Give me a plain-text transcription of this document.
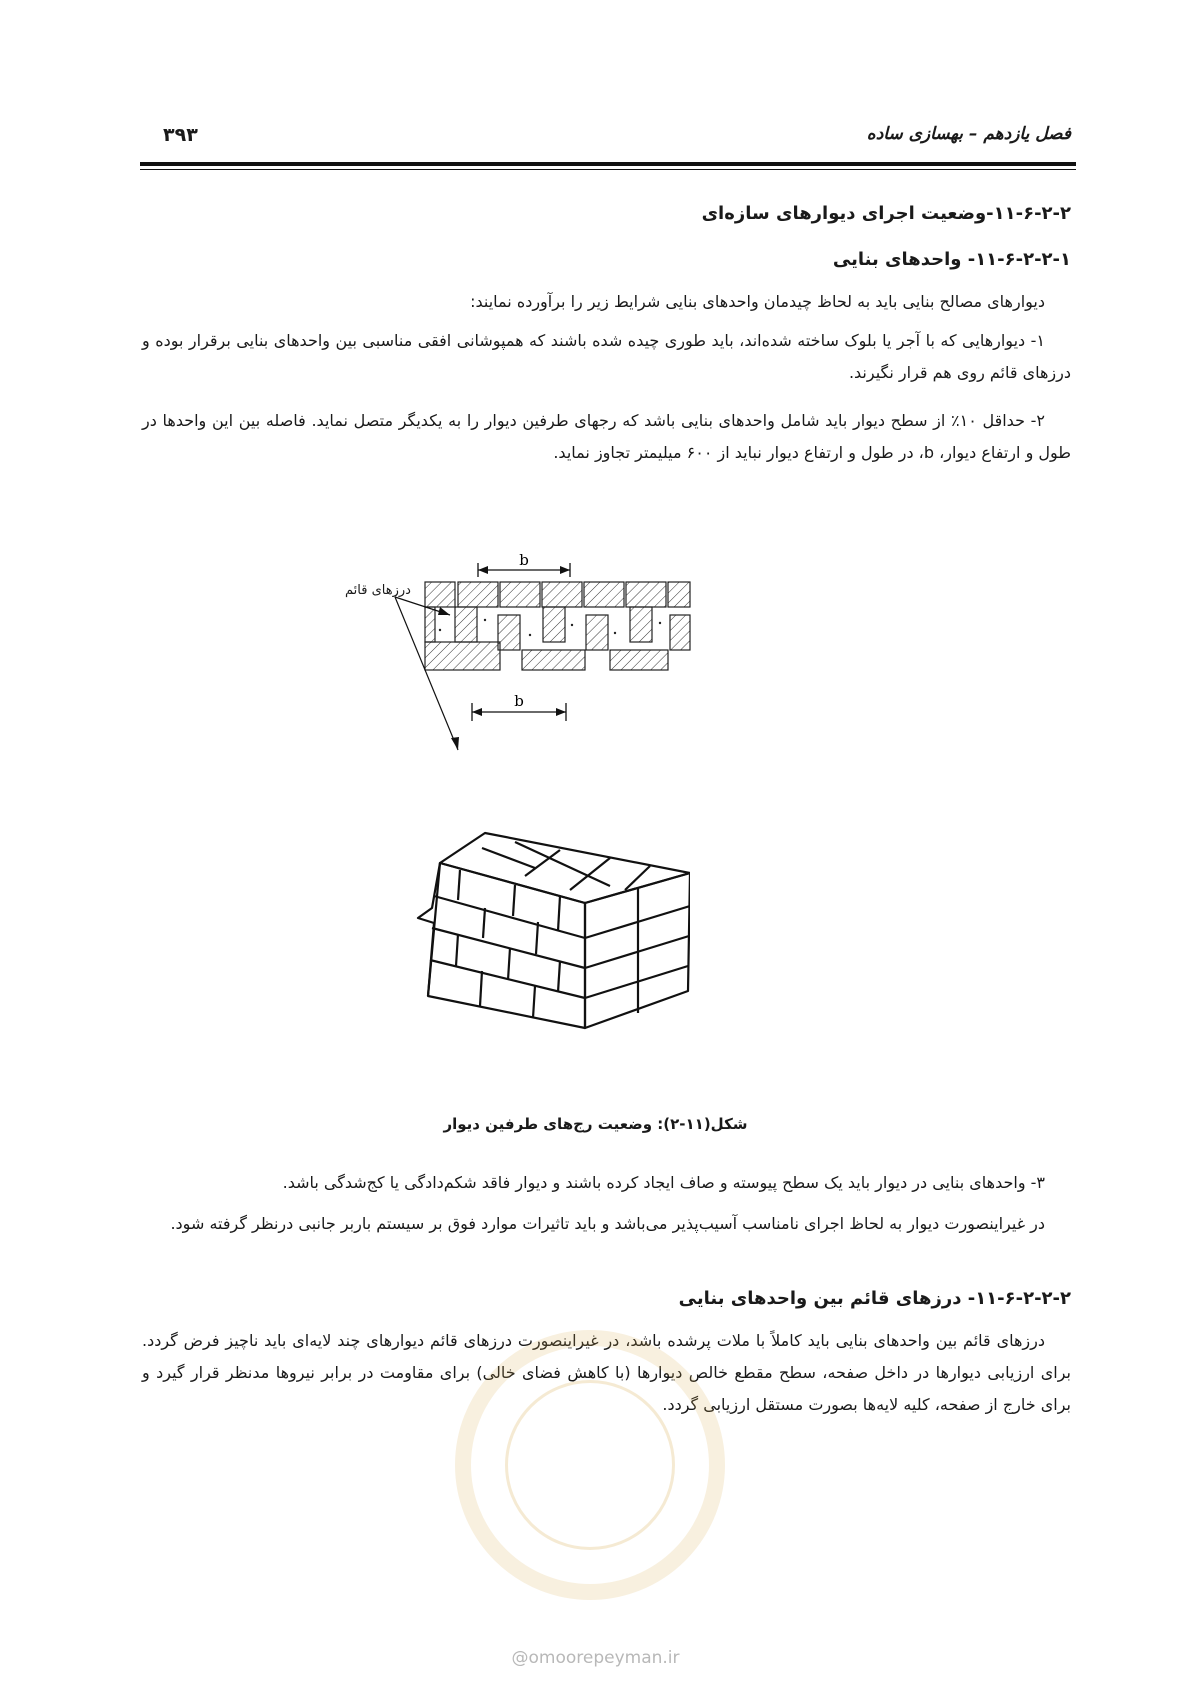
فصل یازدهم – بهسازی ساده
۳۹۳
۱۱-۶-۲-۲-وضعیت اجرای دیوارهای سازه‌ای
۱۱-۶-۲-۲-۱- واحدهای بنایی
دیوارهای مصالح بنایی باید به لحاظ چیدمان واحدهای بنایی شرایط زیر را برآورده نمایند:
۱- دیوارهایی که با آجر یا بلوک ساخته شده‌اند، باید طوری چیده شده باشند که همپوشانی افقی مناسبی بین واحدهای بنایی برقرار بوده و درزهای قائم روی هم قرار نگیرند.
۲- حداقل ۱۰٪ از سطح دیوار باید شامل واحدهای بنایی باشد که رجهای طرفین دیوار را به یکدیگر متصل نماید. فاصله بین این واحدها در طول و ارتفاع دیوار، b، در طول و ارتفاع دیوار نباید از ۶۰۰ میلیمتر تجاوز نماید.
b
b
درزهای قائم
شکل(۱۱-۲): وضعیت رج‌های طرفین دیوار
۳- واحدهای بنایی در دیوار باید یک سطح پیوسته و صاف ایجاد کرده باشند و دیوار فاقد شکم‌دادگی یا کج‌شدگی باشد.
در غیراینصورت دیوار به لحاظ اجرای نامناسب آسیب‌پذیر می‌باشد و باید تاثیرات موارد فوق بر سیستم باربر جانبی درنظر گرفته شود.
۱۱-۶-۲-۲-۲- درزهای قائم بین واحدهای بنایی
درزهای قائم بین واحدهای بنایی باید کاملاً با ملات پرشده باشد، در غیراینصورت درزهای قائم دیوارهای چند لایه‌ای باید ناچیز فرض گردد. برای ارزیابی دیوارها در داخل صفحه، سطح مقطع خالص دیوارها (با کاهش فضای خالی) برای مقاومت در برابر نیروها مدنظر قرار گیرد و برای خارج از صفحه، کلیه لایه‌ها بصورت مستقل ارزیابی گردد.
@omoorepeyman.ir
